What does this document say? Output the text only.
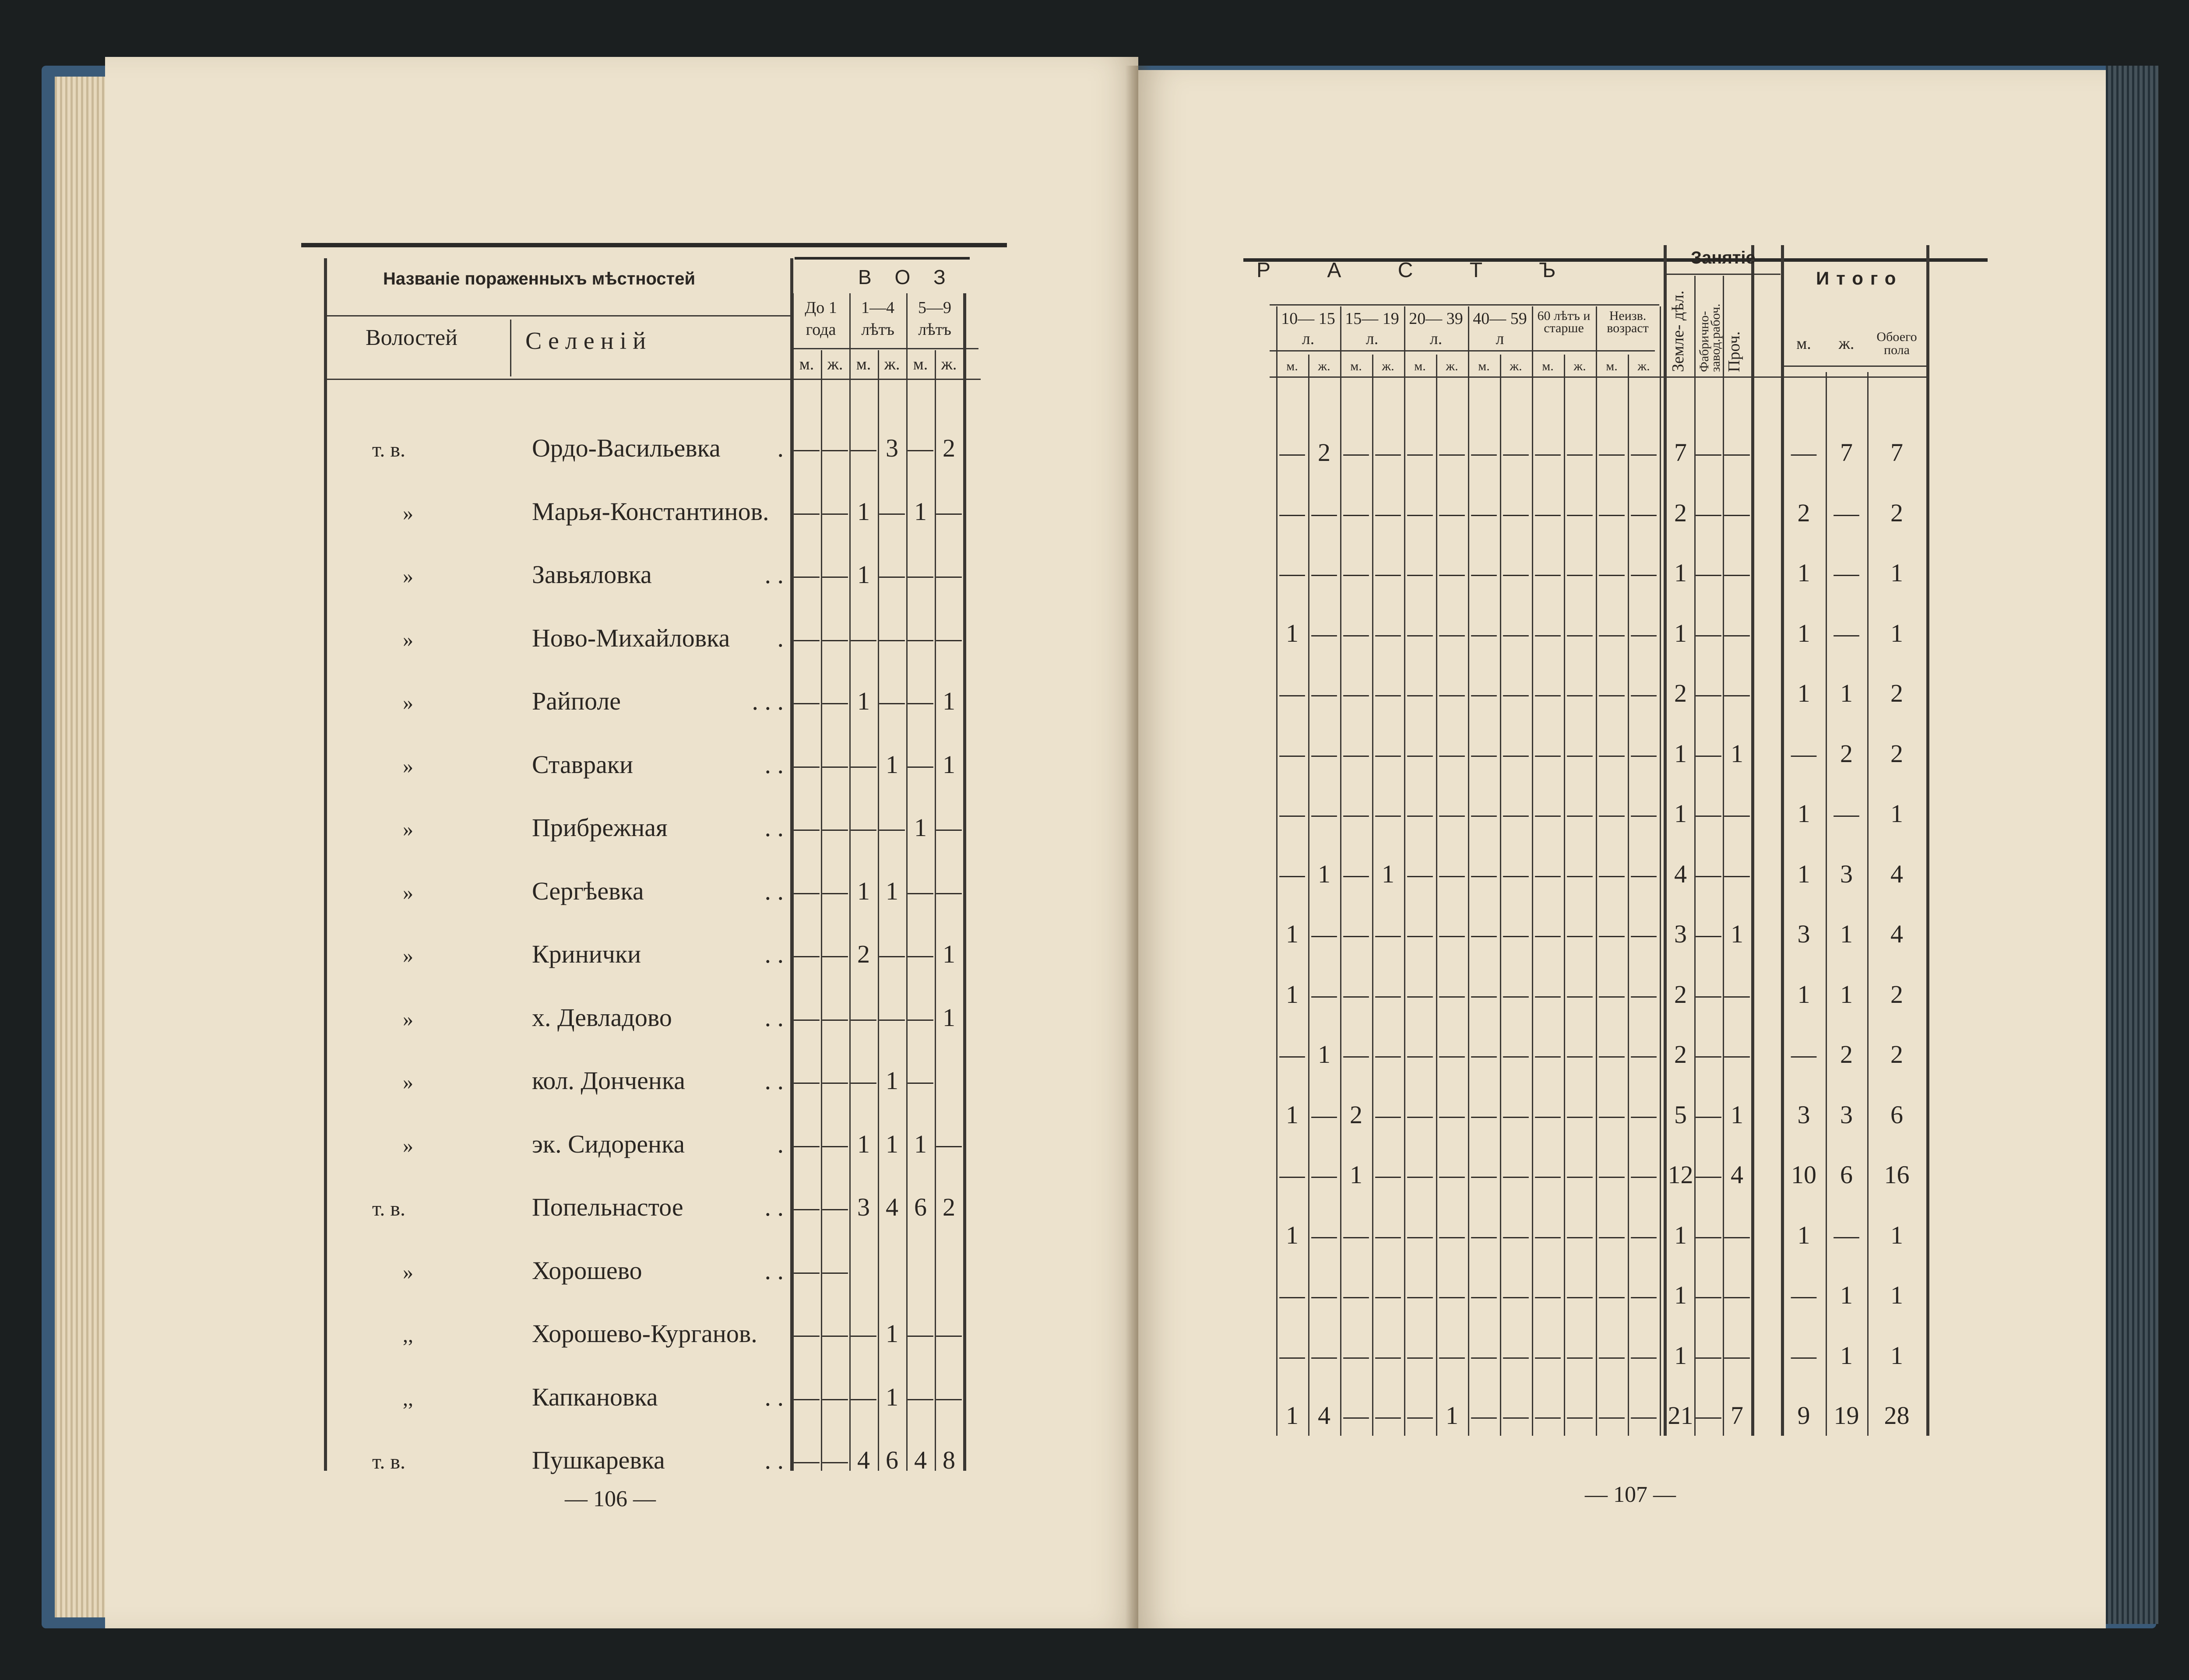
Названіе пораженныхъ мѣстностей
Волостей	Селеній
В О З
До 1 года
1—4 лѣтъ
5—9 лѣтъ
м. ж. м. ж. м. ж.
т. в.	Ордо-Васильевка	. — — — 3 — 2
»	Марья-Константинов. — — 1 — 1 —
»	Завьяловка	. . — — 1 — — —
»	Ново-Михайловка	. — — — — — —
»	Райполе	. . . — — 1 — — 1
»	Ставраки	. . — — — 1 — 1
»	Прибрежная	. . — — — — 1 —
»	Сергѣевка	. . — — 1 1 — —
»	Кринички	. . — — 2 — — 1
»	х. Девладово	. . — — — — — 1
»	кол. Донченка	. . — — — 1 —
»	эк. Сидоренка	. — — 1 1 1 —
т. в.	Попельнастое	. . — — 3 4 6 2
»	Хорошево	. . — —
,,	Хорошево-Курганов. — — — 1 — —
,,	Капкановка	. . — — — 1 — —
т. в.	Пушкаревка	. . — — 4 6 4 8
— 106 —
Р А С Т Ъ
Занятіе
Итого
10— 15 л.
15— 19 л.
20— 39 л.
40— 59 л
60 лѣтъ и старше
Неизв. возраст
м.	ж.	м.	ж.	м.	ж.	м.	ж.	м.	ж.	м.	ж.	Земле- дѣл. Фабрично- завод.рабоч. Проч.	м.	ж.	Обоего пола
— 2 — — — — — — — — — — 7 — —	— 7	7
— — — — — — — — — — — — 2 — —	2 —	2
— — — — — — — — — — — — 1 — —	1 —	1
1 — — — — — — — — — — — 1 — —	1 —	1
— — — — — — — — — — — — 2 — —	1	1	2
— — — — — — — — — — — — 1 — 1	— 2	2
— — — — — — — — — — — — 1 — —	1 —	1
— 1 — 1 — — — — — — — — 4 — —	1	3	4
1 — — — — — — — — — — — 3 — 1	3	1	4
1 — — — — — — — — — — — 2 — —	1	1	2
— 1 — — — — — — — — — — 2 — —	— 2	2
1 — 2 — — — — — — — — — 5 — 1	3	3	6
— — 1 — — — — — — — — — 12 — 4	10 6	16
1 — — — — — — — — — — — 1 — —	1 —	1
— — — — — — — — — — — — 1 — —	— 1	1
— — — — — — — — — — — — 1 — —	— 1	1
1 4 — — — 1 — — — — — — 21 — 7	9 19 28
— 107 —
